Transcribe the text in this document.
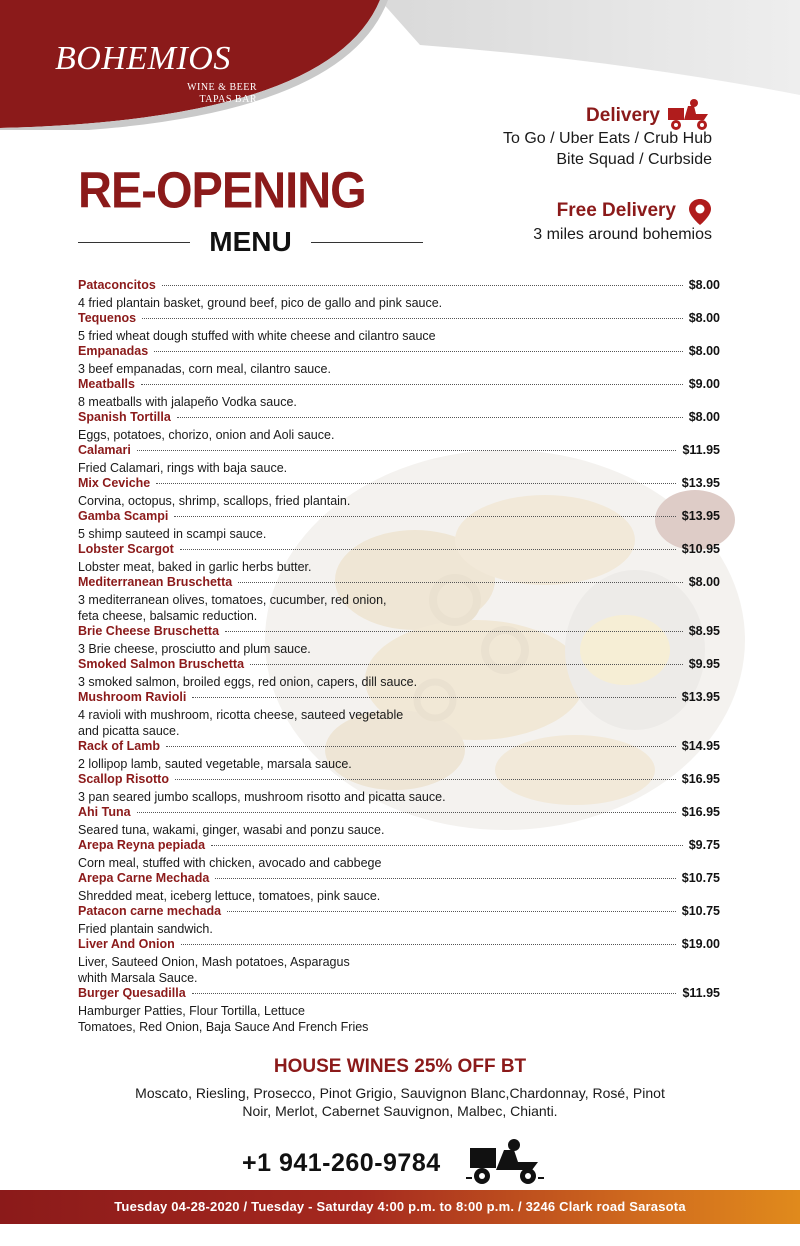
BOHEMIOS
WINE & BEER
TAPAS BAR
Delivery
To Go / Uber Eats / Crub Hub
Bite Squad / Curbside
Free Delivery
3 miles around bohemios
RE-OPENING
MENU
Pataconcitos	$8.00
4 fried plantain basket, ground beef, pico de gallo and pink sauce.
Tequenos	$8.00
5 fried wheat dough stuffed with white cheese and cilantro sauce
Empanadas	$8.00
3 beef empanadas, corn meal, cilantro sauce.
Meatballs	$9.00
8 meatballs with jalapeño Vodka sauce.
Spanish Tortilla	$8.00
Eggs, potatoes, chorizo, onion and Aoli sauce.
Calamari	$11.95
Fried Calamari, rings with baja sauce.
Mix Ceviche	$13.95
Corvina, octopus, shrimp, scallops, fried plantain.
Gamba Scampi	$13.95
5 shimp sauteed in scampi sauce.
Lobster Scargot	$10.95
Lobster meat, baked in garlic herbs butter.
Mediterranean Bruschetta	$8.00
3 mediterranean olives, tomatoes, cucumber, red onion,
feta cheese, balsamic reduction.
Brie Cheese Bruschetta	$8.95
3 Brie cheese, prosciutto and plum sauce.
Smoked Salmon Bruschetta	$9.95
3 smoked salmon, broiled eggs, red onion, capers, dill sauce.
Mushroom Ravioli	$13.95
4 ravioli with mushroom, ricotta cheese, sauteed vegetable
and picatta sauce.
Rack of Lamb	$14.95
2 lollipop lamb, sauted vegetable, marsala sauce.
Scallop Risotto	$16.95
3 pan seared jumbo scallops, mushroom risotto and picatta sauce.
Ahi Tuna	$16.95
Seared tuna, wakami, ginger, wasabi and ponzu sauce.
Arepa Reyna pepiada	$9.75
Corn meal, stuffed with chicken, avocado and cabbege
Arepa Carne Mechada	$10.75
Shredded meat, iceberg lettuce, tomatoes, pink sauce.
Patacon carne mechada	$10.75
Fried plantain sandwich.
Liver And Onion	$19.00
Liver, Sauteed Onion, Mash potatoes, Asparagus
whith Marsala Sauce.
Burger Quesadilla	$11.95
Hamburger Patties, Flour Tortilla, Lettuce
Tomatoes, Red Onion, Baja Sauce And French Fries
HOUSE WINES 25% OFF BT
Moscato, Riesling, Prosecco, Pinot Grigio, Sauvignon Blanc,Chardonnay, Rosé, Pinot Noir, Merlot, Cabernet Sauvignon, Malbec, Chianti.
+1 941-260-9784
Tuesday 04-28-2020 / Tuesday - Saturday 4:00 p.m. to 8:00 p.m. / 3246 Clark road Sarasota
